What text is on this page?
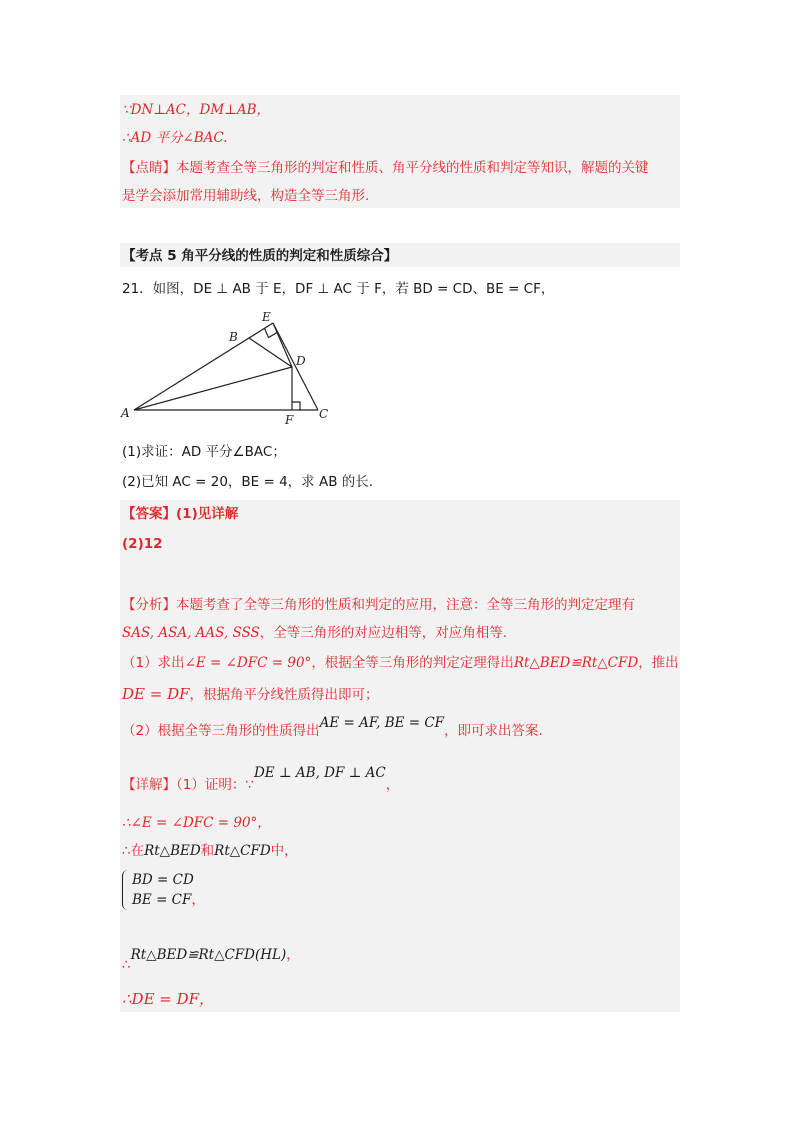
∵DN⊥AC，DM⊥AB，
∴AD 平分∠BAC.
【点睛】本题考查全等三角形的判定和性质、角平分线的性质和判定等知识，解题的关键
是学会添加常用辅助线，构造全等三角形.
【考点 5 角平分线的性质的判定和性质综合】
21．如图，DE ⊥ AB 于 E，DF ⊥ AC 于 F，若 BD = CD、BE = CF，
A
B
E
D
F C
(1)求证：AD 平分∠BAC；
(2)已知 AC = 20，BE = 4，求 AB 的长.
【答案】(1)见详解
(2)12
【分析】本题考查了全等三角形的性质和判定的应用，注意：全等三角形的判定定理有
SAS, ASA, AAS, SSS，全等三角形的对应边相等，对应角相等.
（1）求出∠E = ∠DFC = 90°，根据全等三角形的判定定理得出Rt△BED≌Rt△CFD，推出
DE = DF，根据角平分线性质得出即可；
（2）根据全等三角形的性质得出AE = AF, BE = CF，即可求出答案.
【详解】（1）证明：∵DE ⊥ AB, DF ⊥ AC，
∴∠E = ∠DFC = 90°，
∴在Rt△BED和Rt△CFD中，
BD = CD
BE = CF，
∴Rt△BED≌Rt△CFD(HL)，
∴DE = DF，
